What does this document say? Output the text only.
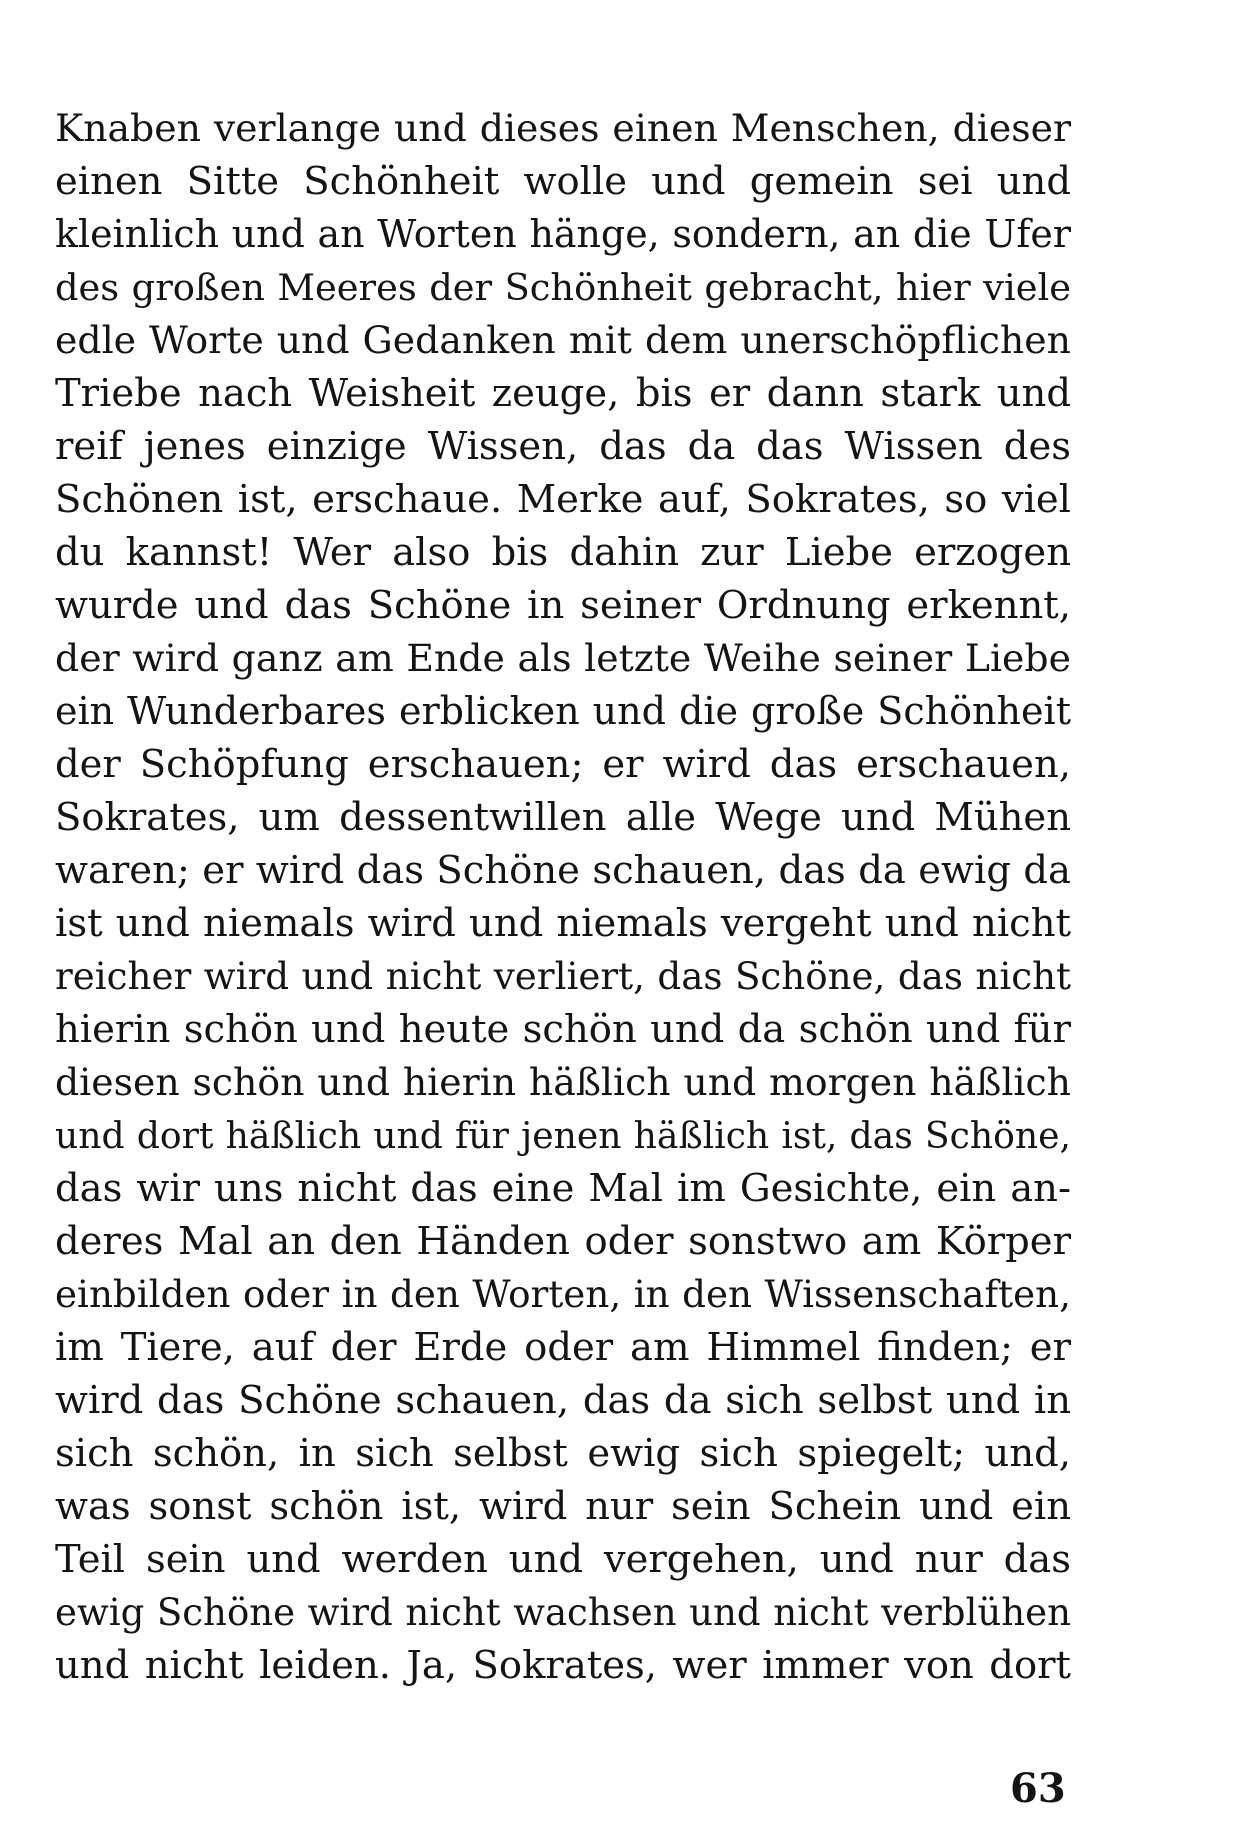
Knaben verlange und dieses einen Menschen, dieser
einen Sitte Schönheit wolle und gemein sei und
kleinlich und an Worten hänge, sondern, an die Ufer
des großen Meeres der Schönheit gebracht, hier viele
edle Worte und Gedanken mit dem unerschöpflichen
Triebe nach Weisheit zeuge, bis er dann stark und
reif jenes einzige Wissen, das da das Wissen des
Schönen ist, erschaue. Merke auf, Sokrates, so viel
du kannst! Wer also bis dahin zur Liebe erzogen
wurde und das Schöne in seiner Ordnung erkennt,
der wird ganz am Ende als letzte Weihe seiner Liebe
ein Wunderbares erblicken und die große Schönheit
der Schöpfung erschauen; er wird das erschauen,
Sokrates, um dessentwillen alle Wege und Mühen
waren; er wird das Schöne schauen, das da ewig da
ist und niemals wird und niemals vergeht und nicht
reicher wird und nicht verliert, das Schöne, das nicht
hierin schön und heute schön und da schön und für
diesen schön und hierin häßlich und morgen häßlich
und dort häßlich und für jenen häßlich ist, das Schöne,
das wir uns nicht das eine Mal im Gesichte, ein an-
deres Mal an den Händen oder sonstwo am Körper
einbilden oder in den Worten, in den Wissenschaften,
im Tiere, auf der Erde oder am Himmel finden; er
wird das Schöne schauen, das da sich selbst und in
sich schön, in sich selbst ewig sich spiegelt; und,
was sonst schön ist, wird nur sein Schein und ein
Teil sein und werden und vergehen, und nur das
ewig Schöne wird nicht wachsen und nicht verblühen
und nicht leiden. Ja, Sokrates, wer immer von dort
63
